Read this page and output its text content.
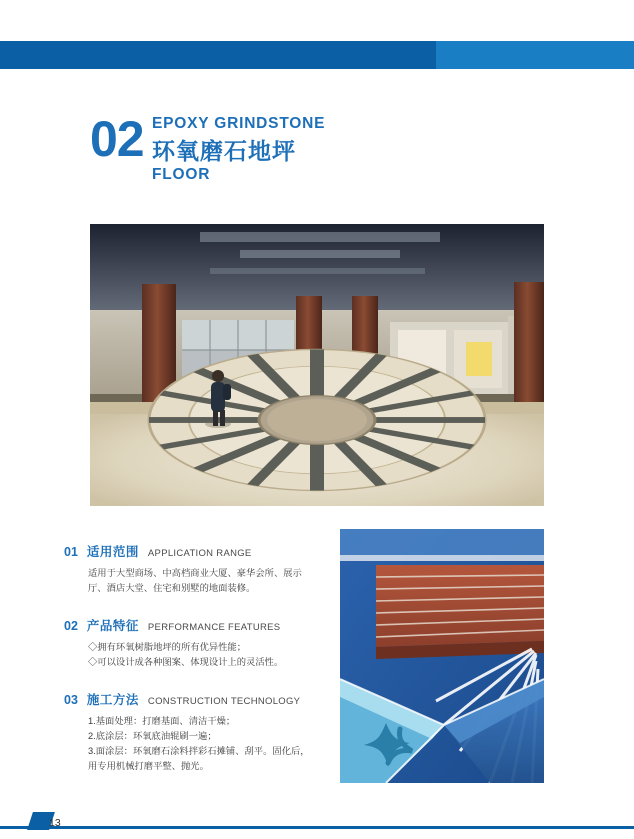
02 EPOXY GRINDSTONE
环氧磨石地坪
FLOOR
01 适用范围 APPLICATION RANGE

适用于大型商场、中高档商业大厦、豪华会所、展示

厅、酒店大堂、住宅和别墅的地面装修。

02 产品特征 PERFORMANCE FEATURES

◇拥有环氧树脂地坪的所有优异性能；

◇可以设计成各种图案、体现设计上的灵活性。

03 施工方法 CONSTRUCTION TECHNOLOGY

1.基面处理：打磨基面、清洁干燥；

2.底涂层：环氧底油辊刷一遍；

3.面涂层：环氧磨石涂料拌彩石摊铺、刮平。固化后，

用专用机械打磨平整、抛光。

13
